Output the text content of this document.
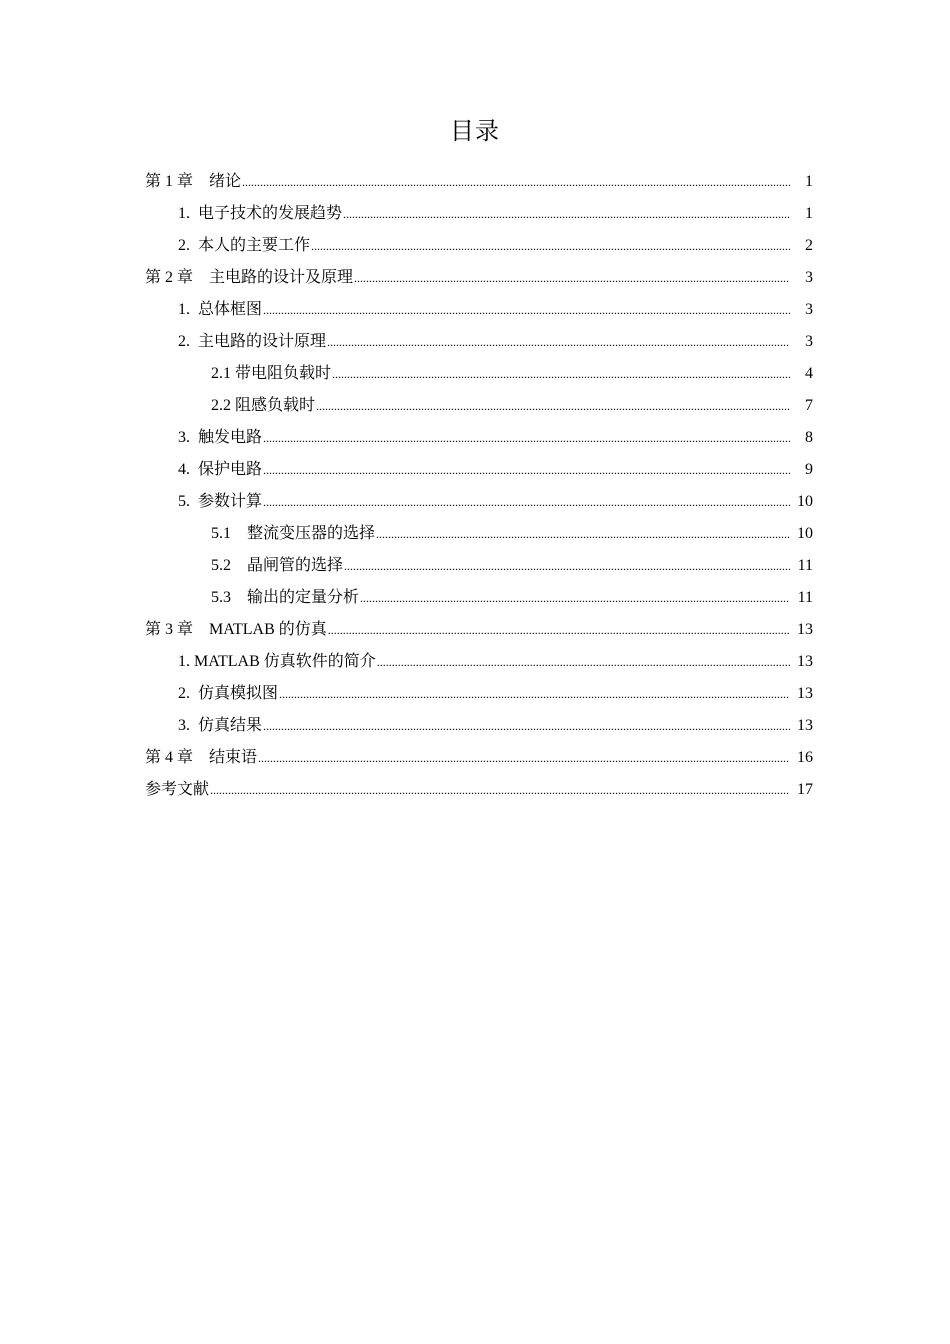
目录
第 1 章    绪论 .....	1
1.  电子技术的发展趋势 .....	1
2.  本人的主要工作 .....	2
第 2 章    主电路的设计及原理 .....	3
1.  总体框图 .....	3
2.  主电路的设计原理 .....	3
2.1 带电阻负载时 .....	4
2.2 阻感负载时 .....	7
3.  触发电路 .....	8
4.  保护电路 .....	9
5.  参数计算 .....	10
5.1    整流变压器的选择 .....	10
5.2    晶闸管的选择 .....	11
5.3    输出的定量分析 .....	11
第 3 章    MATLAB 的仿真 .....	13
1. MATLAB 仿真软件的简介 .....	13
2.  仿真模拟图 .....	13
3.  仿真结果 .....	13
第 4 章    结束语 .....	16
参考文献 .....	17
